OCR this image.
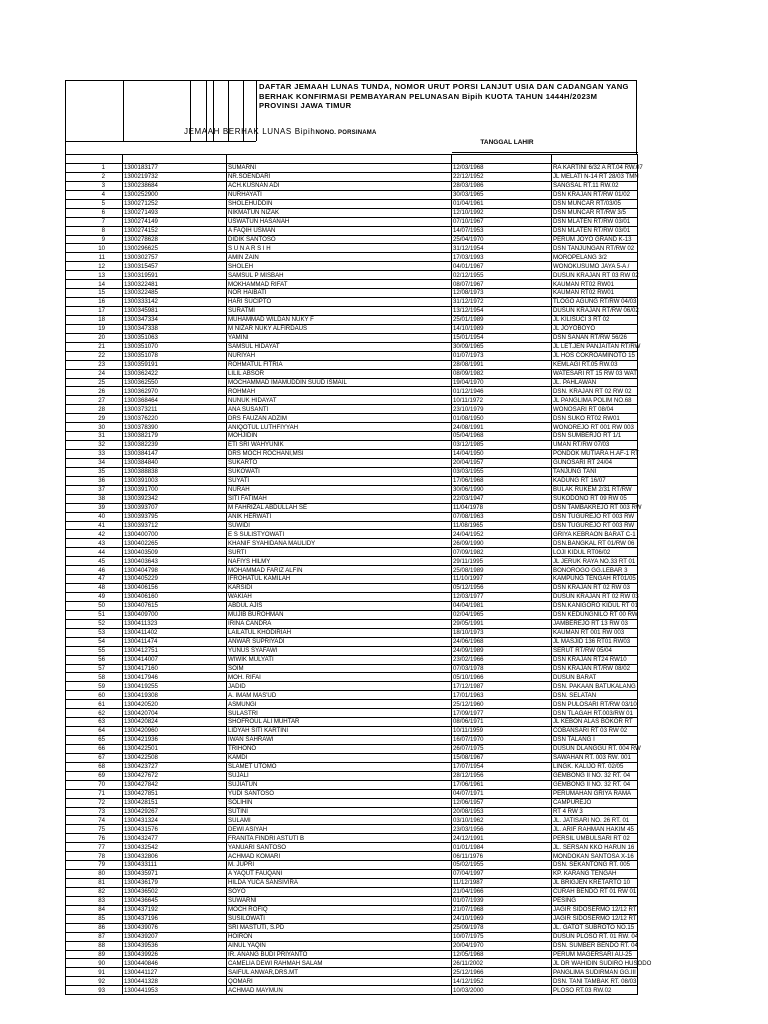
DAFTAR JEMAAH LUNAS TUNDA, NOMOR URUT PORSI LANJUT USIA DAN CADANGAN YANG BERHAK KONFIRMASI PEMBAYARAN PELUNASAN Bipih KUOTA TAHUN 1444H/2023M PROVINSI JAWA TIMUR
JEMAAH BERHAK LUNAS BipihNONO. PORSINAMA
TANGGAL LAHIR

1	1300183177	SUMARNI	12/03/1968	RA KARTINI 6/32 A RT.04 RW.07
2	1300219732	NR.SOENDARI	22/12/1952	JL MELATI N-14 RT 28/03 TMN
3	1300238684	ACH.KUSNAN ADI	28/03/1986	SANGSAL RT.11 RW.02
4	1300252900	NURHAYATI	30/03/1965	DSN KRAJAN RT/RW 01/02
5	1300271252	SHOLEHUDDIN	01/04/1961	DSN MUNCAR RT/03/05
6	1300271493	NIKMATUN NIZAK	12/10/1992	DSN MUNCAR RT/RW 3/5
7	1300274149	USWATUN HASANAH	07/10/1967	DSN MLATEN RT/RW 03/01
8	1300274152	A FAQIH USMAN	14/07/1953	DSN MLATEN RT/RW 03/01
9	1300278628	DIDIK SANTOSO	25/04/1970	PERUM JOYO GRAND K-13
10	1300296625	S U N A R S I H	31/12/1954	DSN TANJUNGAN RT/RW 02
11	1300302757	AMIN ZAIN	17/03/1993	MOROPELANG 3/2
12	1300315457	SHOLEH	04/01/1967	WONOKUSUMO JAYA 5-A /
13	1300319591	SAMSUL P MISBAH	02/12/1955	DUSUN KRAJAN RT 03 RW 02
14	1300322481	MOKHAMMAD RIFAT	08/07/1967	KAUMAN RT02 RW01
15	1300322485	NOR HAIBATI	12/08/1973	KAUMAN RT02 RW01
16	1300333142	HARI SUCIPTO	31/12/1972	TLOGO AGUNG RT/RW 04/03
17	1300345981	SURATMI	13/12/1954	DUSUN KRAJAN RT/RW 06/02
18	1300347334	MUHAMMAD WILDAN NUKY F	25/01/1989	JL KILISUCI 3 RT 02
19	1300347338	M NIZAR NUKY ALFIRDAUS	14/10/1989	JL JOYOBOYO
20	1300351063	YAMINI	15/01/1954	DSN SANAN RT/RW 56/26
21	1300351070	SAMSUL HIDAYAT	30/09/1965	JL LET.JEN PANJAITAN RT/RW
22	1300351078	NURIYAH	01/07/1973	JL HOS COKROAMINOTO 15
23	1300359191	ROHMATUL FITRIA	28/08/1991	KEMLAGI RT.05 RW.03
24	1300362422	LILIL ABSOR	08/09/1982	WATESARI RT 15 RW 03 WAT
25	1300362550	MOCHAMMAD IMAMUDDIN SUUD ISMAIL	19/04/1970	JL. PAHLAWAN
26	1300362970	ROHMAH	01/12/1946	DSN. KRAJAN RT 02 RW 02
27	1300368464	NUNUK HIDAYAT	10/11/1972	JL PANGLIMA POLIM NO.68
28	1300373211	ANA SUSANTI	23/10/1979	WONOSARI RT 08/04
29	1300376220	DRS FAUZAN ADZIM	01/08/1950	DSN SUKO RT02 RW01
30	1300378390	ANIQOTUL LUTHFIYYAH	24/08/1991	WONOREJO RT 001 RW 003
31	1300382179	MOHJIDIN	05/04/1968	DSN SUMBERJO RT 1/1
32	1300382239	ETI SRI WAHYUNIK	03/12/1985	UMAN RT/RW 07/03
33	1300384147	DRS MOCH ROCHANI,MSI	14/04/1950	PONDOK MUTIARA H.AF-1 RT
34	1300384840	SUKARTO	20/04/1957	GUNOSARI RT 24/04
35	1300388838	SUKOWATI	03/03/1955	TANJUNG TANI
36	1300391003	SUYATI	17/06/1968	KADUNG RT 16/07
37	1300391700	NURAH	30/06/1990	BULAK RUKEM 2/31 RT/RW
38	1300392342	SITI FATIMAH	22/03/1947	SUKODONO RT 09 RW 05
39	1300393707	M FAHRIZAL ABDULLAH SE	11/04/1978	DSN TAMBAKREJO RT 003 RW
40	1300393795	ANIK HERWATI	07/08/1963	DSN TUGUREJO RT 003 RW
41	1300393712	SUWIDI	11/08/1965	DSN TUGUREJO RT 003 RW
42	1300400700	E S SULISTYOWATI	24/04/1952	GRIYA KEBRAON BARAT C-1
43	1300402265	KHANIF SYAHIDANA MAULIDY	26/09/1990	DSN.BANGKAL RT 01/RW 06
44	1300403509	SURTI	07/09/1982	LOJI KIDUL RT06/02
45	1300403643	NAFIYS HILMY	29/11/1995	JL JERUK RAYA NO.33 RT 01
46	1300404798	MOHAMMAD FARIZ ALFIN	25/08/1989	BONOROGO GG.LEBAR 3
47	1300405229	IFROHATUL KAMILAH	11/10/1997	KAMPUNG TENGAH RT01/05
48	1300406156	KARSIDI	05/12/1956	DSN KRAJAN RT 02 RW 03
49	1300406160	WAKIAH	12/03/1977	DUSUN KRAJAN RT 02 RW 03
50	1300407615	ABDUL AJIS	04/04/1981	DSN.KANIGORO KIDUL RT 01
51	1300409700	MUJIB BUROHMAN	02/04/1965	DSN KEDUNGNILO RT 00 RW
52	1300411323	IRINA CANDRA	29/05/1991	JAMBEREJO RT 13 RW 03
53	1300411402	LAILATUL KHODIRIAH	18/10/1973	KAUMAN RT 001 RW 003
54	1300411474	ANWAR SUPRIYADI	24/06/1968	JL MASJID 136 RT01 RW03
55	1300412751	YUNUS SYAFAWI	24/09/1989	SERUT RT/RW 05/04
56	1300414007	WIWIK MULYATI	23/02/1966	DSN KRAJAN RT24 RW10
57	1300417160	SOIM	07/03/1978	DSN KRAJAN RT/RW 08/02
58	1300417946	MOH. RIFAI	05/10/1966	DUSUN BARAT
59	1300419255	JADID	17/12/1987	DSN. PAKAAN BATUKALANG
60	1300419308	A. IMAM MAS'UD	17/01/1963	DSN. SELATAN
61	1300420520	ASMUNGI	25/12/1960	DSN PULOSARI RT/RW 03/10
62	1300420704	SULASTRI	17/09/1977	DSN TLAGAH RT.003/RW 01
63	1300420824	SHOFROUL ALI MUHTAR	08/06/1971	JL KEBON ALAS BOKOR RT
64	1300420960	LIDYAH SITI KARTINI	10/11/1959	COBANSARI RT 03 RW 02
65	1300421936	IWAN SAHRAWI	16/07/1970	DSN TALANG I
66	1300422501	TRIHONO	26/07/1975	DUSUN DLANGGU RT. 004 RW
67	1300422508	KAMDI	15/08/1967	SAWAHAN RT. 003 RW. 001
68	1300423727	SLAMET UTOMO	17/07/1954	LINGK. KALIJO RT. 02/05
69	1300427672	SUJALI	28/12/1956	GEMBONG II NO. 32 RT. 04
70	1300427842	SUJIATUN	17/06/1961	GEMBONG II NO. 32 RT. 04
71	1300427851	YUDI SANTOSO	04/07/1971	PERUMAHAN GRIYA RAMA
72	1300428151	SOLIHIN	12/06/1957	CAMPUREJO
73	1300429267	SUTINI	20/08/1953	RT 4 RW 3
74	1300431324	SULAMI	03/10/1962	JL. JATISARI NO. 26 RT. 01
75	1300431576	DEWI ASIYAH	23/03/1956	JL. ARIF RAHMAN HAKIM 45
76	1300432477	FRANITA FINDRI ASTUTI B	24/12/1991	PERSIL UMBULSARI RT 02
77	1300432542	YANUARI SANTOSO	01/01/1984	JL. SERSAN KKO HARUN 16
78	1300432806	ACHMAD KOMARI	06/11/1976	MONDOKAN SANTOSA X-16
79	1300433111	M. JUPRI	05/02/1955	DSN. SEKANTONG RT. 005
80	1300435971	A YAQUT FAUQANI	07/04/1997	KP. KARANG TENGAH
81	1300436179	HILDA YUCA SANSIVIRA	11/12/1987	JL BRIGJEN KRETARTO 10
82	1300436502	SOYO	21/04/1966	CURAH BENDO RT 01 RW 01
83	1300436645	SUWARNI	01/07/1939	PESING
84	1300437192	MOCH ROFIQ	21/07/1968	JAGIR SIDOSERMO 12/12 RT
85	1300437196	SUSILOWATI	24/10/1969	JAGIR SIDOSERMO 12/12 RT
86	1300439076	SRI MASTUTI, S.PD	25/09/1978	JL. GATOT SUBROTO NO.15
87	1300439207	HOIRON	10/07/1975	DUSUN PLOSO RT. 01 RW. 04
88	1300439536	AINUL YAQIN	20/04/1970	DSN. SUMBER BENDO RT. 04
89	1300439926	IR. ANANG BUDI PRIYANTO	12/05/1968	PERUM MAGERSARI AU-25
90	1300440846	CAMELIA DEWI RAHMAH SALAM	26/11/2002	JL DR WAHIDIN SUDIRO HUSODO
91	1300441127	SAIFUL ANWAR,DRS.MT	25/12/1966	PANGLIMA SUDIRMAN GG.III
92	1300441328	QOMARI	14/12/1952	DSN. TANI TAMBAK RT. 08/03
93	1300441953	ACHMAD MAYMUN	10/03/2000	PLOSO RT.03 RW.02
